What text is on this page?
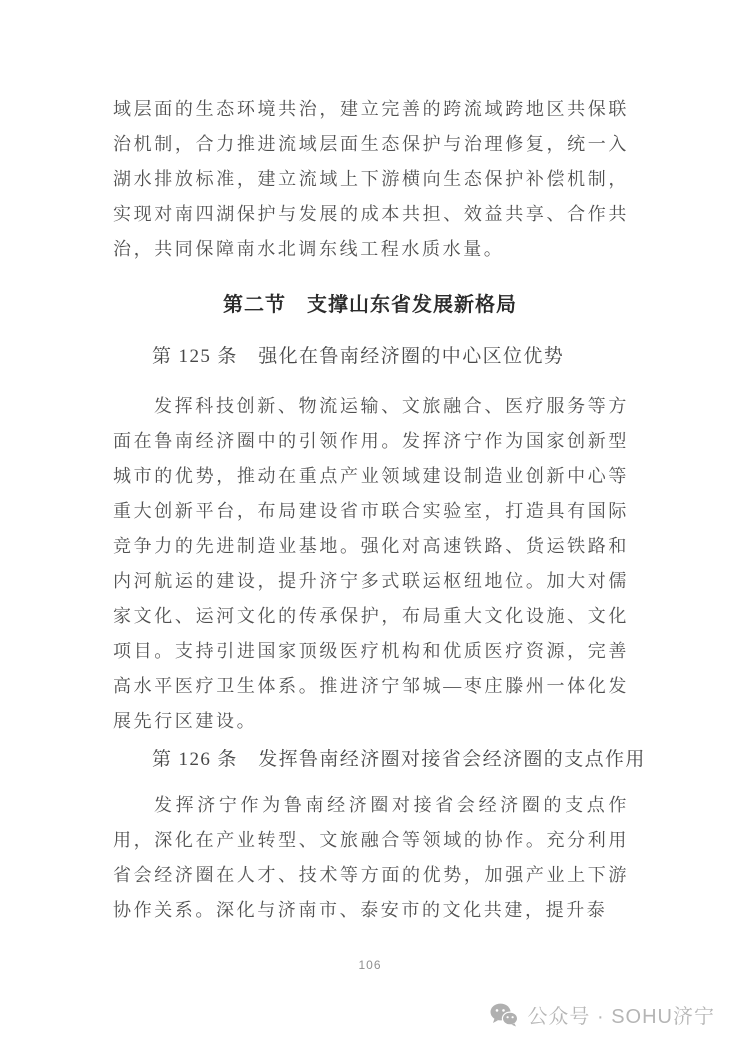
域层面的生态环境共治，建立完善的跨流域跨地区共保联
治机制，合力推进流域层面生态保护与治理修复，统一入
湖水排放标准，建立流域上下游横向生态保护补偿机制，
实现对南四湖保护与发展的成本共担、效益共享、合作共
治，共同保障南水北调东线工程水质水量。
第二节　支撑山东省发展新格局
第 125 条　强化在鲁南经济圈的中心区位优势
发挥科技创新、物流运输、文旅融合、医疗服务等方
面在鲁南经济圈中的引领作用。发挥济宁作为国家创新型
城市的优势，推动在重点产业领域建设制造业创新中心等
重大创新平台，布局建设省市联合实验室，打造具有国际
竞争力的先进制造业基地。强化对高速铁路、货运铁路和
内河航运的建设，提升济宁多式联运枢纽地位。加大对儒
家文化、运河文化的传承保护，布局重大文化设施、文化
项目。支持引进国家顶级医疗机构和优质医疗资源，完善
高水平医疗卫生体系。推进济宁邹城—枣庄滕州一体化发
展先行区建设。
第 126 条　发挥鲁南经济圈对接省会经济圈的支点作用
发挥济宁作为鲁南经济圈对接省会经济圈的支点作
用，深化在产业转型、文旅融合等领域的协作。充分利用
省会经济圈在人才、技术等方面的优势，加强产业上下游
协作关系。深化与济南市、泰安市的文化共建，提升泰
106
公众号 · SOHU济宁
